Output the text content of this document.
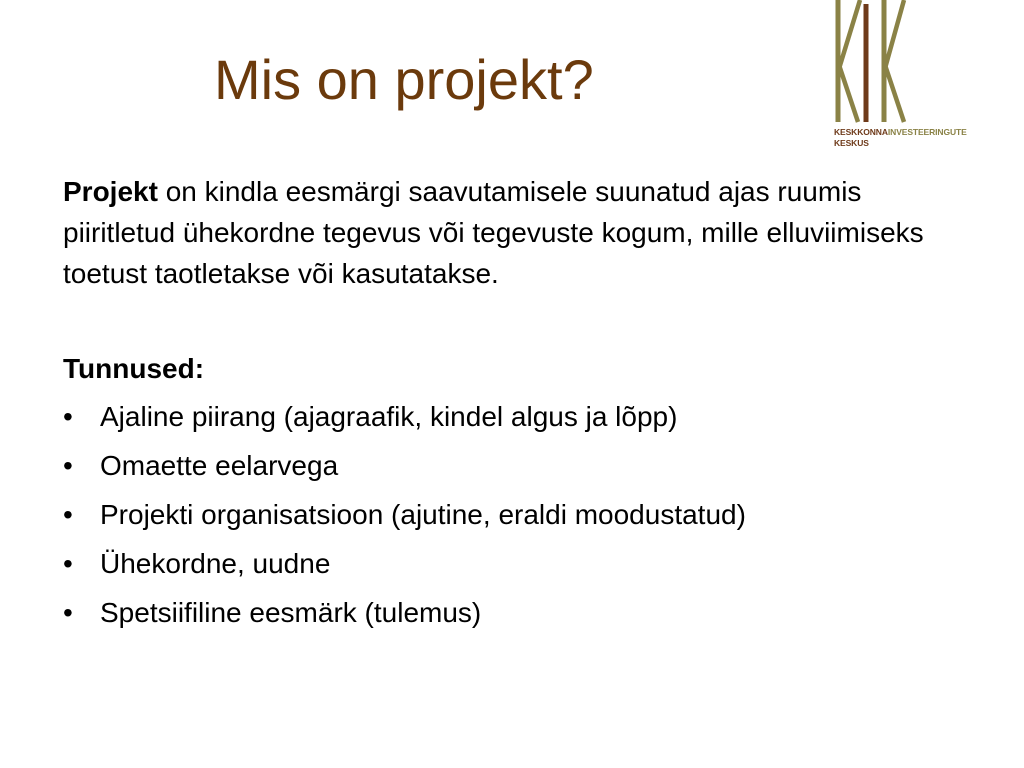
Mis on projekt?
KESKKONNAINVESTEERINGUTE
KESKUS

Projekt on kindla eesmärgi saavutamisele suunatud ajas ruumis piiritletud ühekordne tegevus või tegevuste kogum, mille elluviimiseks toetust taotletakse või kasutatakse.

Tunnused:

• Ajaline piirang (ajagraafik, kindel algus ja lõpp)
• Omaette eelarvega
• Projekti organisatsioon (ajutine, eraldi moodustatud)
• Ühekordne, uudne
• Spetsiifiline eesmärk (tulemus)
